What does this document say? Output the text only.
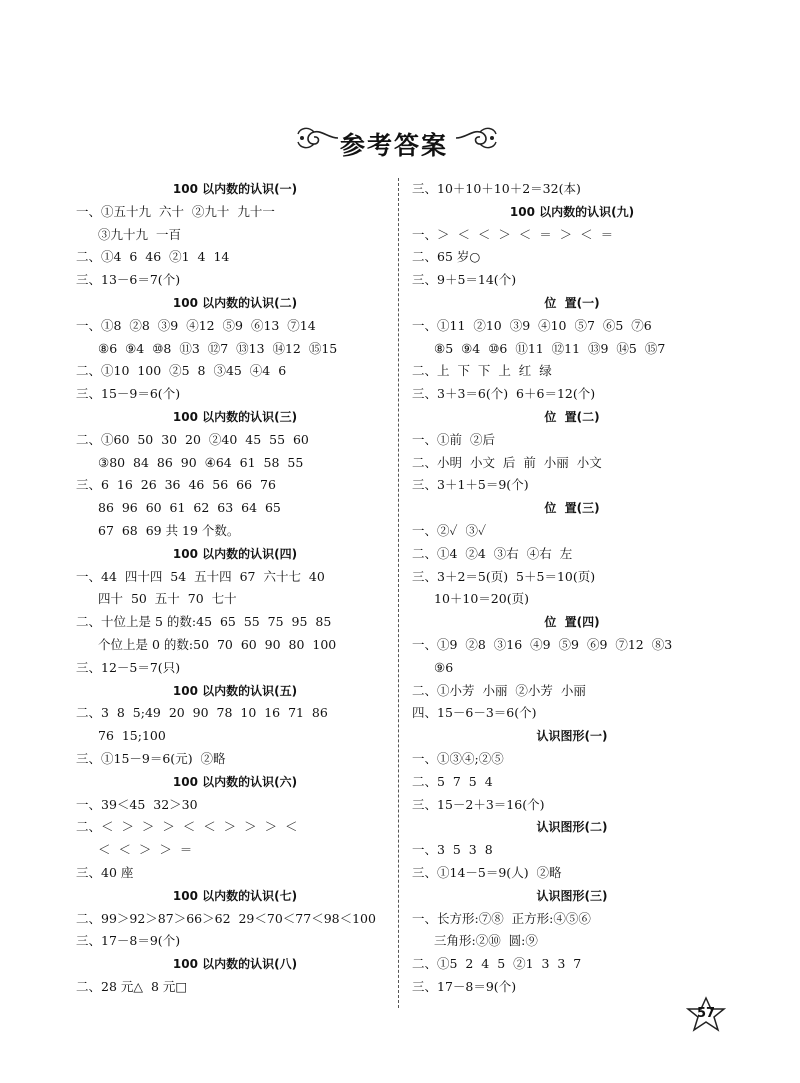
参考答案
100 以内数的认识(一)
一、①五十九  六十  ②九十  九十一
③九十九  一百
二、①4  6  46  ②1  4  14
三、13－6＝7(个)
100 以内数的认识(二)
一、①8  ②8  ③9  ④12  ⑤9  ⑥13  ⑦14
⑧6  ⑨4  ⑩8  ⑪3  ⑫7  ⑬13  ⑭12  ⑮15
二、①10  100  ②5  8  ③45  ④4  6
三、15－9＝6(个)
100 以内数的认识(三)
二、①60  50  30  20  ②40  45  55  60
③80  84  86  90  ④64  61  58  55
三、6  16  26  36  46  56  66  76
86  96  60  61  62  63  64  65
67  68  69 共 19 个数。
100 以内数的认识(四)
一、44  四十四  54  五十四  67  六十七  40
四十  50  五十  70  七十
二、十位上是 5 的数:45  65  55  75  95  85
个位上是 0 的数:50  70  60  90  80  100
三、12－5＝7(只)
100 以内数的认识(五)
二、3  8  5;49  20  90  78  10  16  71  86
76  15;100
三、①15－9＝6(元)  ②略
100 以内数的认识(六)
一、39＜45  32＞30
二、＜  ＞  ＞  ＞  ＜  ＜  ＞  ＞  ＞  ＜
＜  ＜  ＞  ＞  ＝
三、40 座
100 以内数的认识(七)
二、99＞92＞87＞66＞62  29＜70＜77＜98＜100
三、17－8＝9(个)
100 以内数的认识(八)
二、28 元△  8 元□
三、10＋10＋10＋2＝32(本)
100 以内数的认识(九)
一、＞  ＜  ＜  ＞  ＜  ＝  ＞  ＜  ＝
二、65 岁○
三、9＋5＝14(个)
位  置(一)
一、①11  ②10  ③9  ④10  ⑤7  ⑥5  ⑦6
⑧5  ⑨4  ⑩6  ⑪11  ⑫11  ⑬9  ⑭5  ⑮7
二、上  下  下  上  红  绿
三、3＋3＝6(个)  6＋6＝12(个)
位  置(二)
一、①前  ②后
二、小明  小文  后  前  小丽  小文
三、3＋1＋5＝9(个)
位  置(三)
一、②✓  ③✓
二、①4  ②4  ③右  ④右  左
三、3＋2＝5(页)  5＋5＝10(页)
10＋10＝20(页)
位  置(四)
一、①9  ②8  ③16  ④9  ⑤9  ⑥9  ⑦12  ⑧3
⑨6
二、①小芳  小丽  ②小芳  小丽
四、15－6－3＝6(个)
认识图形(一)
一、①③④;②⑤
二、5  7  5  4
三、15－2＋3＝16(个)
认识图形(二)
一、3  5  3  8
三、①14－5＝9(人)  ②略
认识图形(三)
一、长方形:⑦⑧  正方形:④⑤⑥
三角形:②⑩  圆:⑨
二、①5  2  4  5  ②1  3  3  7
三、17－8＝9(个)
57
